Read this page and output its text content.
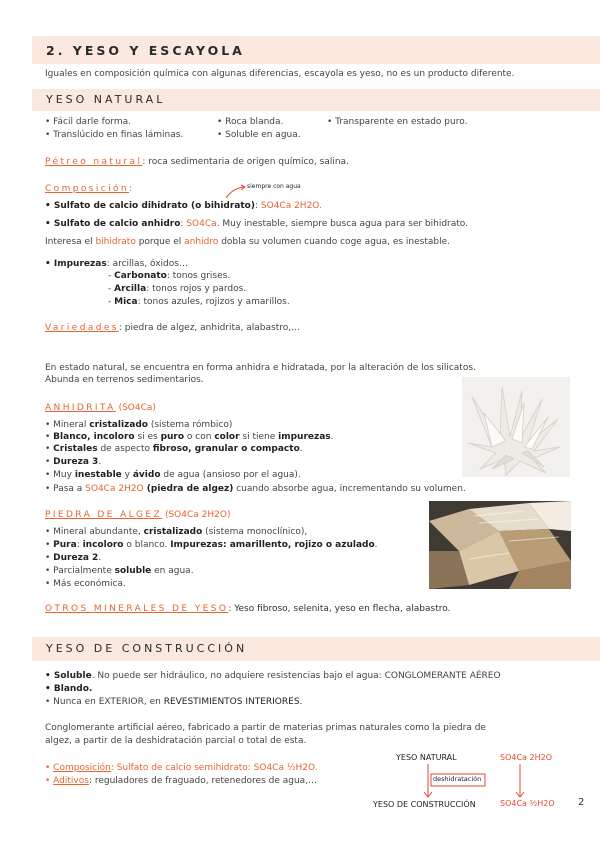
2. YESO Y ESCAYOLA
Iguales en composición química con algunas diferencias, escayola es yeso, no es un producto diferente.
YESO NATURAL
• Fácil darle forma.	• Roca blanda.	• Transparente en estado puro.
• Translúcido en finas láminas.	• Soluble en agua.
Pétreo natural: roca sedimentaria de origen químico, salina.
Composición:	siempre con agua
• Sulfato de calcio dihidrato (o bihidrato): SO4Ca 2H2O.
• Sulfato de calcio anhidro: SO4Ca. Muy inestable, siempre busca agua para ser bihidrato.
Interesa el bihidrato porque el anhidro dobla su volumen cuando coge agua, es inestable.
• Impurezas: arcillas, óxidos…
- Carbonato: tonos grises.
- Arcilla: tonos rojos y pardos.
- Mica: tonos azules, rojizos y amarillos.
Variedades: piedra de algez, anhidrita, alabastro,…
En estado natural, se encuentra en forma anhidra e hidratada, por la alteración de los silicatos.
Abunda en terrenos sedimentarios.
ANHIDRITA (SO4Ca)
• Mineral cristalizado (sistema rómbico)
• Blanco, incoloro si es puro o con color si tiene impurezas.
• Cristales de aspecto fibroso, granular o compacto.
• Dureza 3.
• Muy inestable y ávido de agua (ansioso por el agua).
• Pasa a SO4Ca 2H2O (piedra de algez) cuando absorbe agua, incrementando su volumen.
PIEDRA DE ALGEZ (SO4Ca 2H2O)
• Mineral abundante, cristalizado (sistema monoclínico),
• Pura: incoloro o blanco. Impurezas: amarillento, rojizo o azulado.
• Dureza 2.
• Parcialmente soluble en agua.
• Más económica.
OTROS MINERALES DE YESO: Yeso fibroso, selenita, yeso en flecha, alabastro.
YESO DE CONSTRUCCIÓN
• Soluble. No puede ser hidráulico, no adquiere resistencias bajo el agua: CONGLOMERANTE AÉREO
• Blando.
• Nunca en EXTERIOR, en REVESTIMIENTOS INTERIORES.
Conglomerante artificial aéreo, fabricado a partir de materias primas naturales como la piedra de
algez, a partir de la deshidratación parcial o total de esta.
• Composición: Sulfato de calcio semihidrato: SO4Ca ½H2O.
• Aditivos: reguladores de fraguado, retenedores de agua,…
YESO NATURAL	SO4Ca 2H2O
deshidratación
YESO DE CONSTRUCCIÓN	SO4Ca ½H2O 2
